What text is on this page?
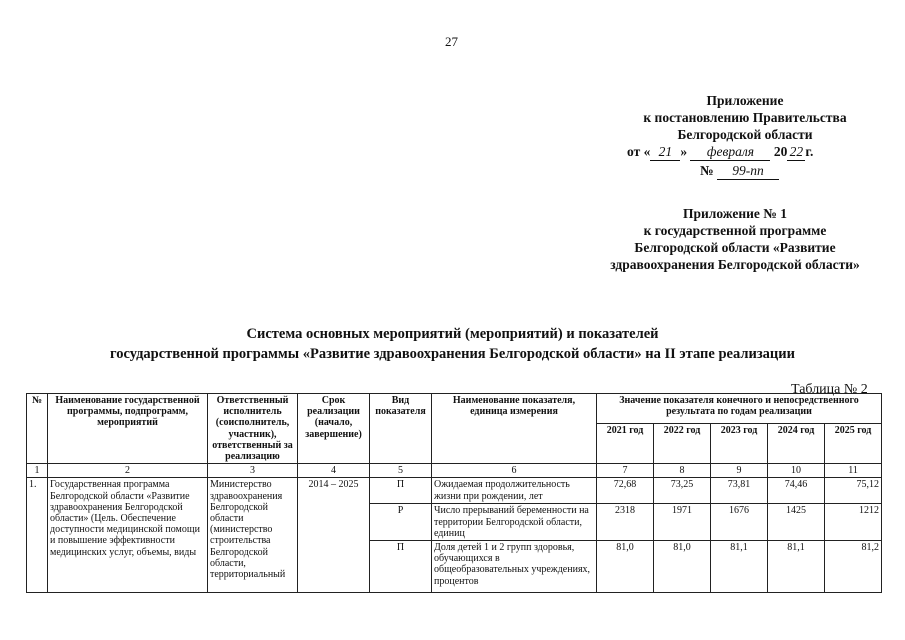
27
Приложение
к постановлению Правительства
Белгородской области
от « 21 » февраля 20 22 г.
№ 99-пп
Приложение № 1
к государственной программе
Белгородской области «Развитие
здравоохранения Белгородской области»
Система основных мероприятий (мероприятий) и показателей
государственной программы «Развитие здравоохранения Белгородской области» на II этапе реализации
Таблица № 2
№	Наименование государственной программы, подпрограмм, мероприятий	Ответственный исполнитель (соисполнитель, участник), ответственный за реализацию	Срок реализации (начало, завершение)	Вид показателя	Наименование показателя, единица измерения	Значение показателя конечного и непосредственного результата по годам реализации				
						2021 год	2022 год	2023 год	2024 год	2025 год
1	2	3	4	5	6	7	8	9	10	11
1.	Государственная программа Белгородской области «Развитие здравоохранения Белгородской области» (Цель. Обеспечение доступности медицинской помощи и повышение эффективности медицинских услуг, объемы, виды	Министерство здравоохранения Белгородской области (министерство строительства Белгородской области, территориальный	2014 – 2025	П	Ожидаемая продолжительность жизни при рождении, лет	72,68	73,25	73,81	74,46	75,12
				Р	Число прерываний беременности на территории Белгородской области, единиц	2318	1971	1676	1425	1212
				П	Доля детей 1 и 2 групп здоровья, обучающихся в общеобразовательных учреждениях, процентов	81,0	81,0	81,1	81,1	81,2
